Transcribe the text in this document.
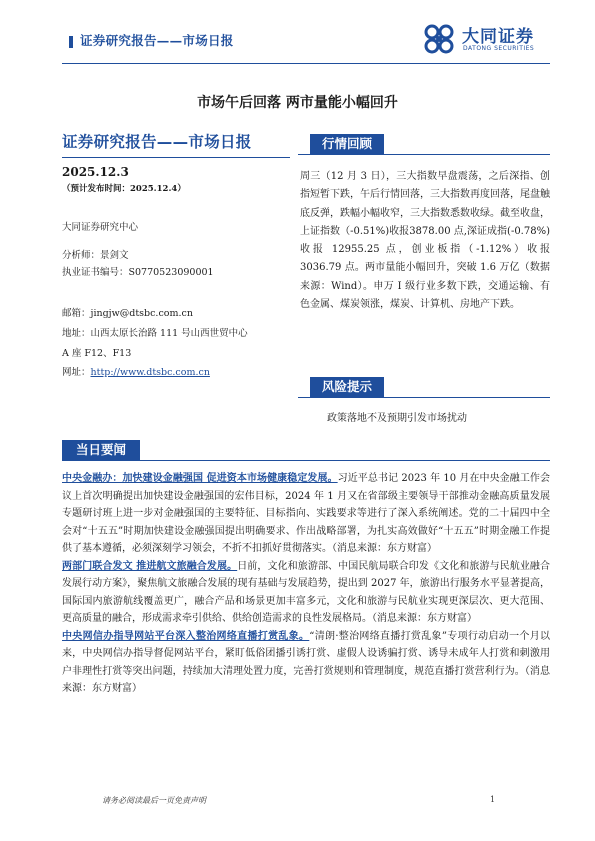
证券研究报告——市场日报	大同证券
DATONG SECURITIES
市场午后回落 两市量能小幅回升
证券研究报告——市场日报
2025.12.3
（预计发布时间：2025.12.4）
大同证券研究中心
分析师：景剑文
执业证书编号：S0770523090001
邮箱：jingjw@dtsbc.com.cn
地址：山西太原长治路 111 号山西世贸中心
A 座 F12、F13
网址：http://www.dtsbc.com.cn
行情回顾
周三（12 月 3 日），三大指数早盘震荡，之后深指、创指短暂下跌，午后行情回落，三大指数再度回落，尾盘触底反弹，跌幅小幅收窄，三大指数悉数收绿。截至收盘，上证指数（-0.51%)收报3878.00 点,深证成指(-0.78%)收报 12955.25 点，创业板指（-1.12%）收报3036.79 点。两市量能小幅回升，突破 1.6 万亿（数据来源：Wind）。申万 I 级行业多数下跌，交通运输、有色金属、煤炭领涨，煤炭、计算机、房地产下跌。
风险提示
政策落地不及预期引发市场扰动
当日要闻
中央金融办：加快建设金融强国 促进资本市场健康稳定发展。习近平总书记 2023 年 10 月在中央金融工作会议上首次明确提出加快建设金融强国的宏伟目标，2024 年 1 月又在省部级主要领导干部推动金融高质量发展专题研讨班上进一步对金融强国的主要特征、目标指向、实践要求等进行了深入系统阐述。党的二十届四中全会对“十五五”时期加快建设金融强国提出明确要求、作出战略部署，为扎实高效做好“十五五”时期金融工作提供了基本遵循，必须深刻学习领会，不折不扣抓好贯彻落实。（消息来源：东方财富）
两部门联合发文 推进航文旅融合发展。日前，文化和旅游部、中国民航局联合印发《文化和旅游与民航业融合发展行动方案》，聚焦航文旅融合发展的现有基础与发展趋势，提出到 2027 年，旅游出行服务水平显著提高，国际国内旅游航线覆盖更广，融合产品和场景更加丰富多元，文化和旅游与民航业实现更深层次、更大范围、更高质量的融合，形成需求牵引供给、供给创造需求的良性发展格局。（消息来源：东方财富）
中央网信办指导网站平台深入整治网络直播打赏乱象。“清朗·整治网络直播打赏乱象”专项行动启动一个月以来，中央网信办指导督促网站平台，紧盯低俗团播引诱打赏、虚假人设诱骗打赏、诱导未成年人打赏和刺激用户非理性打赏等突出问题，持续加大清理处置力度，完善打赏规则和管理制度，规范直播打赏营利行为。（消息来源：东方财富）
请务必阅读最后一页免责声明	1
